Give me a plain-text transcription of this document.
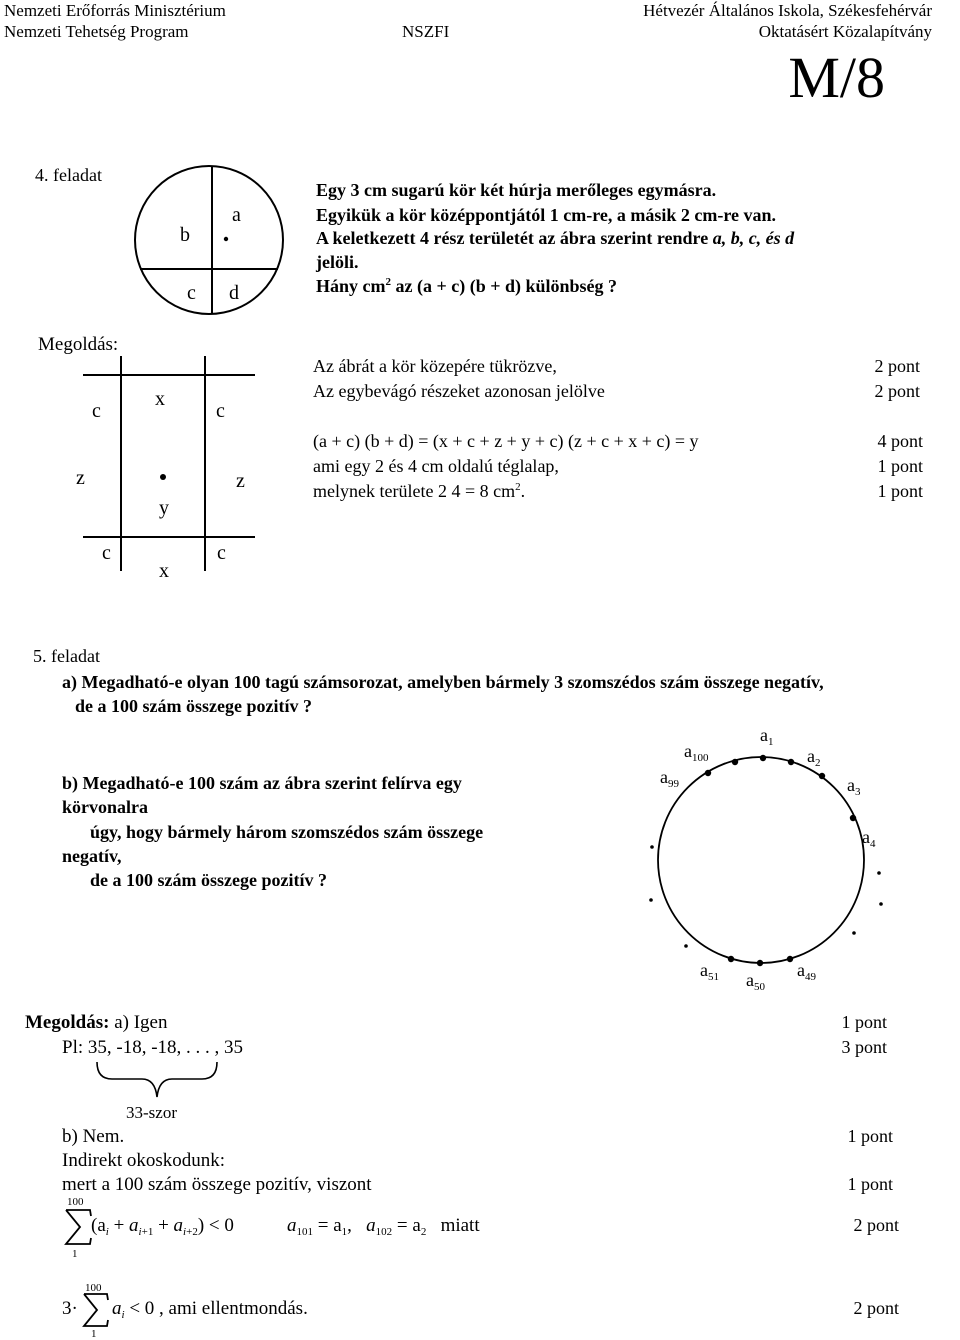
Nemzeti Erőforrás Minisztérium
Nemzeti Tehetség Program	NSZFI
Hétvezér Általános Iskola, Székesfehérvár
Oktatásért Közalapítvány
M/8
4. feladat
a
b
c d
Egy 3 cm sugarú kör két húrja merőleges egymásra.
Egyikük a kör középpontjától 1 cm-re, a másik 2 cm-re van.
A keletkezett 4 rész területét az ábra szerint rendre a, b, c, és d
jelöli.
Hány $cm^2$ az (a + c) (b + d) különbség ?
Megoldás:
c
x
c
z	z
y
c	c
x
Az ábrát a kör közepére tükrözve,	2 pont
Az egybevágó részeket azonosan jelölve	2 pont
(a + c) (b + d) = (x + c + z + y + c) (z + c + x + c) = y	4 pont
ami egy 2 és 4 cm oldalú téglalap,	1 pont
melynek területe 2 4 = 8 $cm^2$.	1 pont
5. feladat
a) Megadható-e olyan 100 tagú számsorozat, amelyben bármely 3 szomszédos szám összege negatív,
de a 100 szám összege pozitív ?
b) Megadható-e 100 szám az ábra szerint felírva egy
körvonalra
úgy, hogy bármely három szomszédos szám összege
negatív,
de a 100 szám összege pozitív ?
$a_1$
$a_{100}$	$a_2$
$a_{99}$	$a_3$
$a_4$
$a_{51}$ $a_{50}$
$a_{49}$
Megoldás: a) Igen	1 pont
Pl: 35, -18, -18, . . . , 35	3 pont
33-szor
b) Nem.	1 pont
Indirekt okoskodunk:
mert a 100 szám összege pozitív, viszont	1 pont
100
1
$(a_i + a_{i+1} + a_{i+2}) < 0$	$a_{101} = a_1$,   $a_{102} = a_2$ miatt	2 pont
100
3·
1
$a_i < 0$ , ami ellentmondás.	2 pont
